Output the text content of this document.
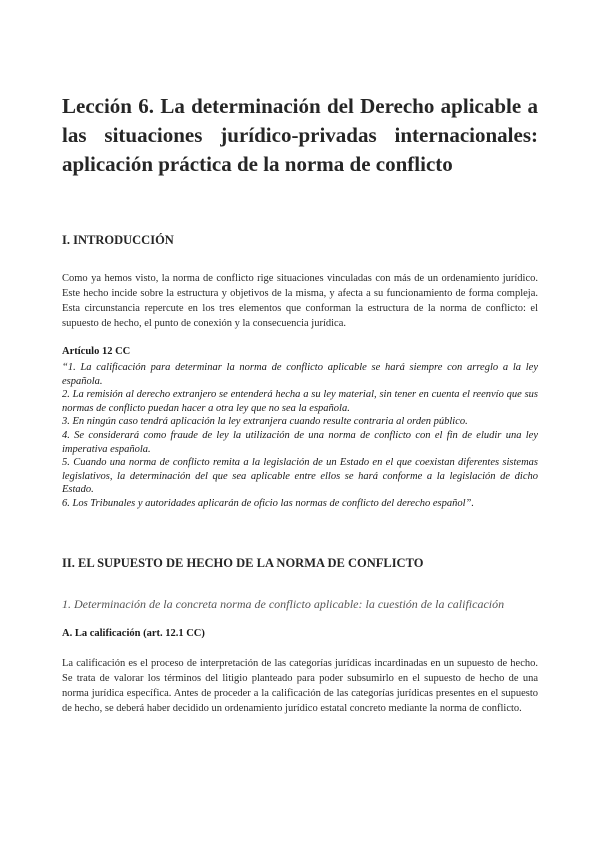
Lección 6. La determinación del Derecho aplicable a las situaciones jurídico-privadas internacionales: aplicación práctica de la norma de conflicto
I. INTRODUCCIÓN
Como ya hemos visto, la norma de conflicto rige situaciones vinculadas con más de un ordenamiento jurídico. Este hecho incide sobre la estructura y objetivos de la misma, y afecta a su funcionamiento de forma compleja. Esta circunstancia repercute en los tres elementos que conforman la estructura de la norma de conflicto: el supuesto de hecho, el punto de conexión y la consecuencia jurídica.
Artículo 12 CC

“1. La calificación para determinar la norma de conflicto aplicable se hará siempre con arreglo a la ley española.

2. La remisión al derecho extranjero se entenderá hecha a su ley material, sin tener en cuenta el reenvío que sus normas de conflicto puedan hacer a otra ley que no sea la española.

3. En ningún caso tendrá aplicación la ley extranjera cuando resulte contraria al orden público.

4. Se considerará como fraude de ley la utilización de una norma de conflicto con el fin de eludir una ley imperativa española.

5. Cuando una norma de conflicto remita a la legislación de un Estado en el que coexistan diferentes sistemas legislativos, la determinación del que sea aplicable entre ellos se hará conforme a la legislación de dicho Estado.

6. Los Tribunales y autoridades aplicarán de oficio las normas de conflicto del derecho español”.

II. EL SUPUESTO DE HECHO DE LA NORMA DE CONFLICTO
1. Determinación de la concreta norma de conflicto aplicable: la cuestión de la calificación
A. La calificación (art. 12.1 CC)
La calificación es el proceso de interpretación de las categorías jurídicas incardinadas en un supuesto de hecho. Se trata de valorar los términos del litigio planteado para poder subsumirlo en el supuesto de hecho de una norma jurídica específica. Antes de proceder a la calificación de las categorías jurídicas presentes en el supuesto de hecho, se deberá haber decidido un ordenamiento jurídico estatal concreto mediante la norma de conflicto.
